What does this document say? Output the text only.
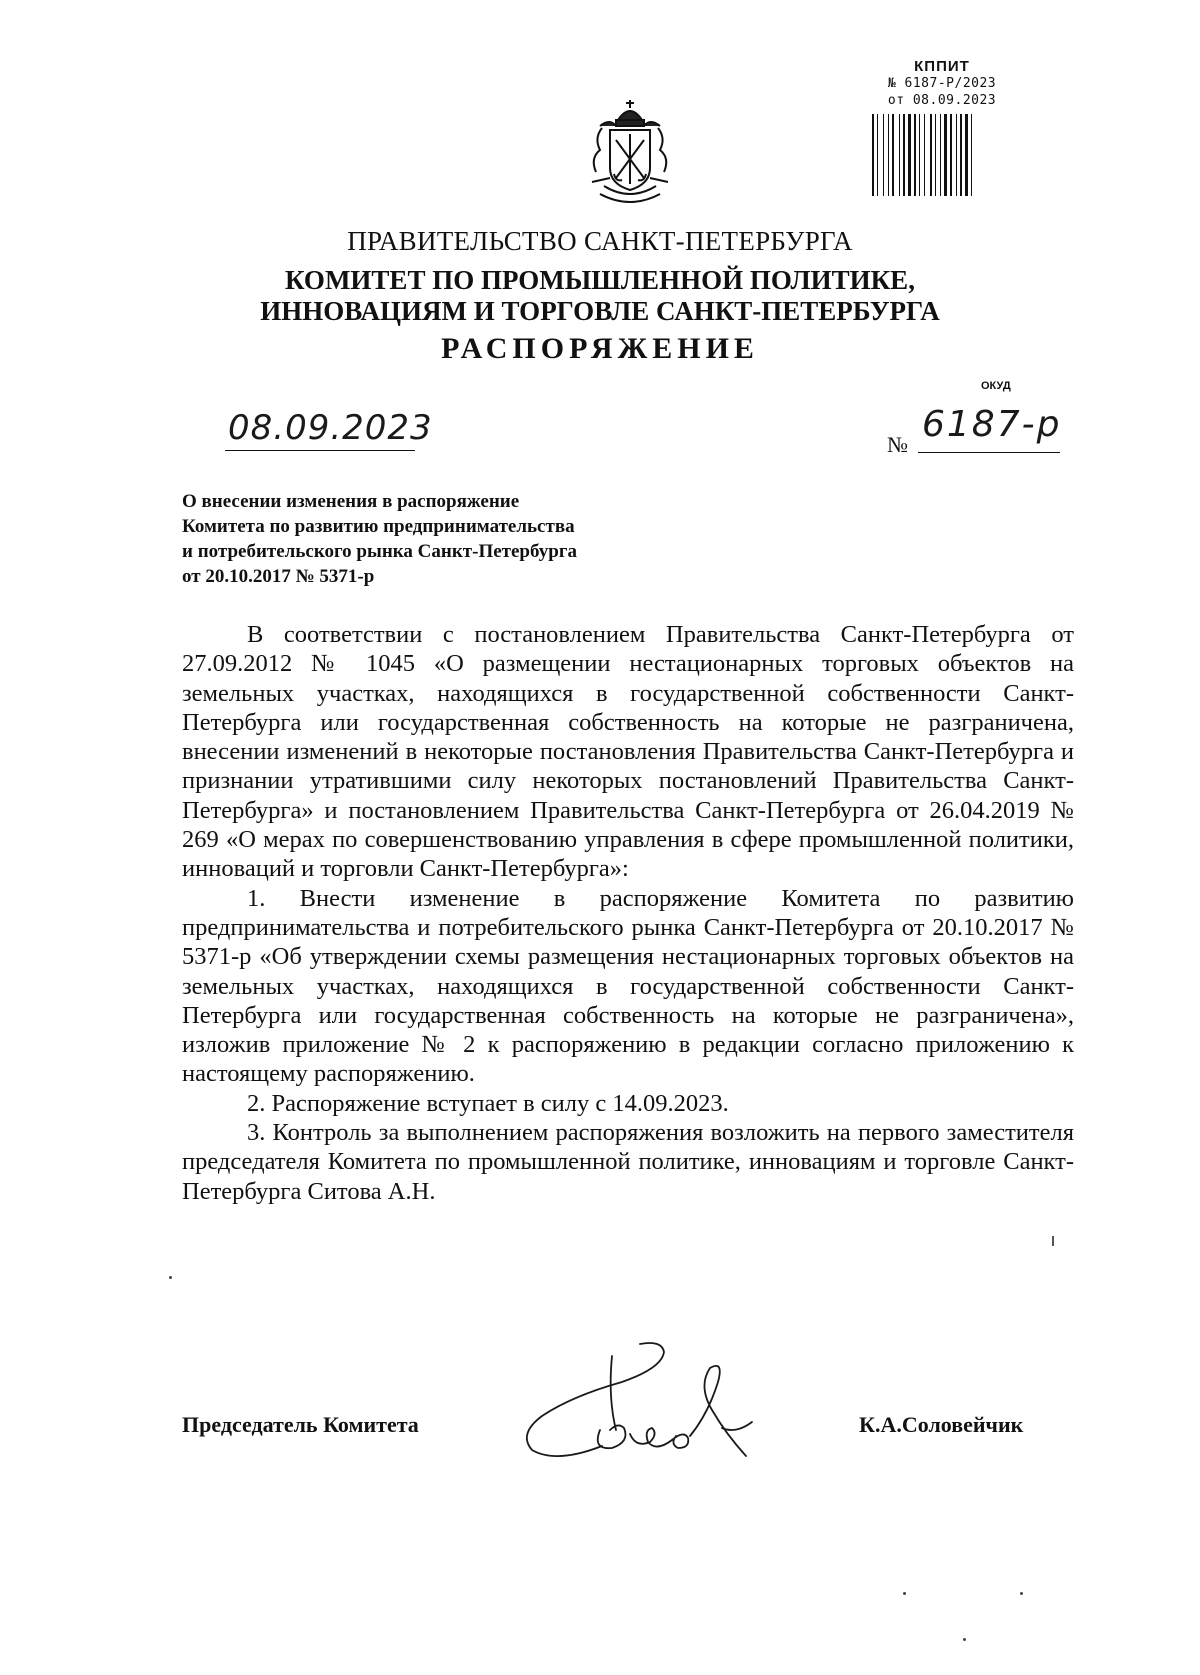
КППИТ
№ 6187-Р/2023
от 08.09.2023
ПРАВИТЕЛЬСТВО САНКТ-ПЕТЕРБУРГА
КОМИТЕТ ПО ПРОМЫШЛЕННОЙ ПОЛИТИКЕ,
ИННОВАЦИЯМ И ТОРГОВЛЕ САНКТ-ПЕТЕРБУРГА
РАСПОРЯЖЕНИЕ
ОКУД
08.09.2023	№ 6187-р
О внесении изменения в распоряжение
Комитета по развитию предпринимательства
и потребительского рынка Санкт-Петербурга
от 20.10.2017 № 5371-р

В соответствии с постановлением Правительства Санкт-Петербурга от 27.09.2012 № 1045 «О размещении нестационарных торговых объектов на земельных участках, находящихся в государственной собственности Санкт-Петербурга или государственная собственность на которые не разграничена, внесении изменений в некоторые постановления Правительства Санкт-Петербурга и признании утратившими силу некоторых постановлений Правительства Санкт-Петербурга» и постановлением Правительства Санкт-Петербурга от 26.04.2019 № 269 «О мерах по совершенствованию управления в сфере промышленной политики, инноваций и торговли Санкт-Петербурга»:

1. Внести изменение в распоряжение Комитета по развитию предпринимательства и потребительского рынка Санкт-Петербурга от 20.10.2017 № 5371-р «Об утверждении схемы размещения нестационарных торговых объектов на земельных участках, находящихся в государственной собственности Санкт-Петербурга или государственная собственность на которые не разграничена», изложив приложение № 2 к распоряжению в редакции согласно приложению к настоящему распоряжению.

2. Распоряжение вступает в силу с 14.09.2023.

3. Контроль за выполнением распоряжения возложить на первого заместителя председателя Комитета по промышленной политике, инновациям и торговле Санкт-Петербурга Ситова А.Н.

Председатель Комитета	К.А.Соловейчик
